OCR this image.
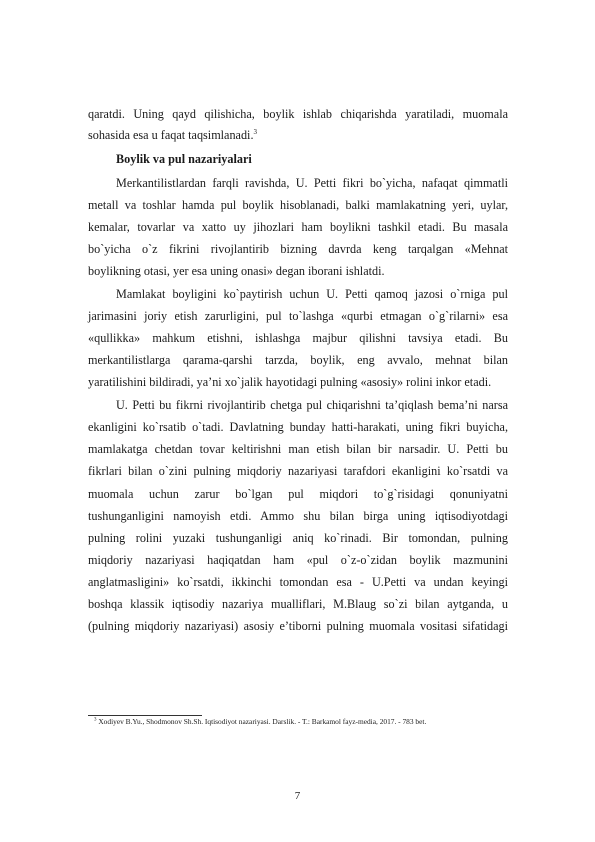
qaratdi. Uning qayd qilishicha, boylik ishlab chiqarishda yaratiladi, muomala
sohasida esa u faqat taqsimlanadi.$^3$
Boylik va pul nazariyalari
Merkantilistlardan farqli ravishda, U. Petti fikri bo`yicha, nafaqat qimmatli
metall va toshlar hamda pul boylik hisoblanadi, balki mamlakatning yeri, uylar,
kemalar, tovarlar va xatto uy jihozlari ham boylikni tashkil etadi. Bu masala
bo`yicha o`z fikrini rivojlantirib bizning davrda keng tarqalgan «Mehnat
boylikning otasi, yer esa uning onasi» degan iborani ishlatdi.
Mamlakat boyligini ko`paytirish uchun U. Petti qamoq jazosi o`rniga pul
jarimasini joriy etish zarurligini, pul to`lashga «qurbi etmagan o`g`rilarni» esa
«qullikka» mahkum etishni, ishlashga majbur qilishni tavsiya etadi. Bu
merkantilistlarga qarama-qarshi tarzda, boylik, eng avvalo, mehnat bilan
yaratilishini bildiradi, ya’ni xo`jalik hayotidagi pulning «asosiy» rolini inkor etadi.
U. Petti bu fikrni rivojlantirib chetga pul chiqarishni ta’qiqlash bema’ni narsa
ekanligini ko`rsatib o`tadi. Davlatning bunday hatti-harakati, uning fikri buyicha,
mamlakatga chetdan tovar keltirishni man etish bilan bir narsadir. U. Petti bu
fikrlari bilan o`zini pulning miqdoriy nazariyasi tarafdori ekanligini ko`rsatdi va
muomala uchun zarur bo`lgan pul miqdori to`g`risidagi qonuniyatni
tushunganligini namoyish etdi. Ammo shu bilan birga uning iqtisodiyotdagi
pulning rolini yuzaki tushunganligi aniq ko`rinadi. Bir tomondan, pulning
miqdoriy nazariyasi haqiqatdan ham «pul o`z-o`zidan boylik mazmunini
anglatmasligini» ko`rsatdi, ikkinchi tomondan esa - U.Petti va undan keyingi
boshqa klassik iqtisodiy nazariya mualliflari, M.Blaug so`zi bilan aytganda, u
(pulning miqdoriy nazariyasi) asosiy e’tiborni pulning muomala vositasi sifatidagi
$^3$ Xodiyev B.Yu., Shodmonov Sh.Sh. Iqtisodiyot nazariyasi. Darslik. - T.: Barkamol fayz-media, 2017. - 783 bet.
7
